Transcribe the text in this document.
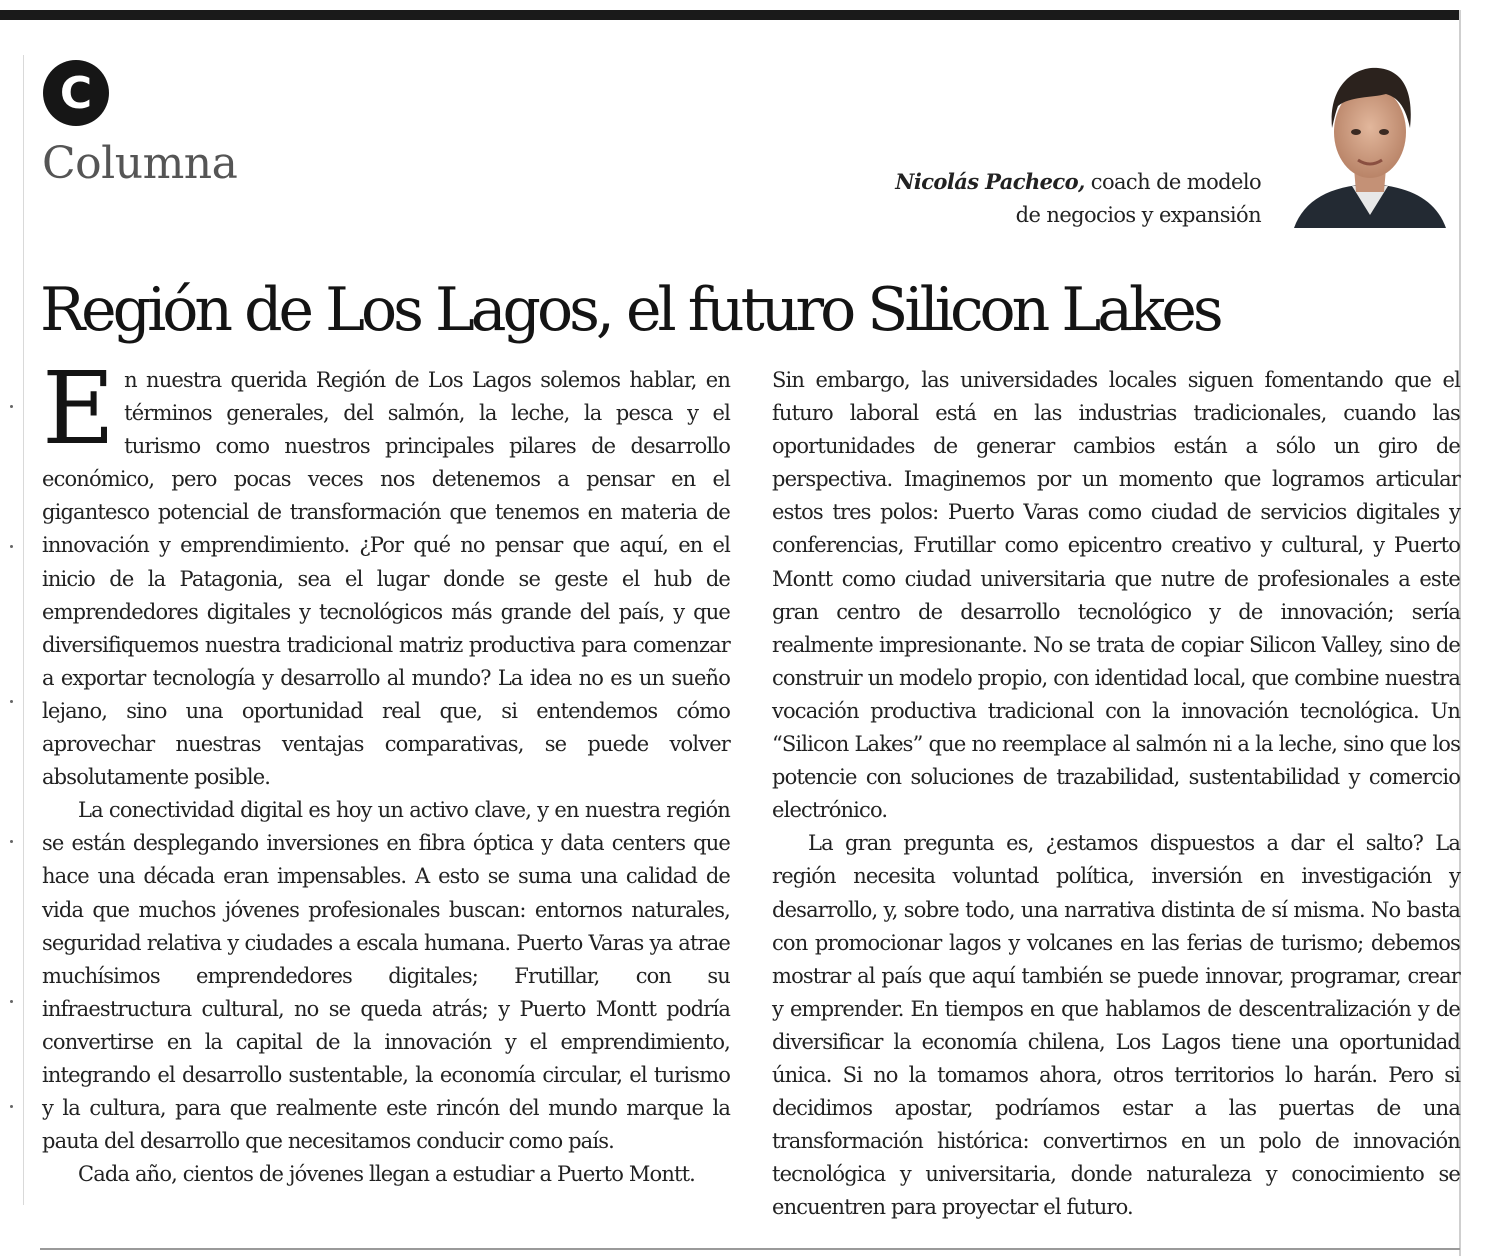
C
Columna	Nicolás Pacheco, coach de modelo
de negocios y expansión
Región de Los Lagos, el futuro Silicon Lakes

En nuestra querida Región de Los Lagos solemos hablar, en términos generales, del salmón, la leche, la pesca y el turismo como nuestros principales pilares de desarrollo económico, pero pocas veces nos detenemos a pensar en el gigantesco potencial de transformación que tenemos en materia de innovación y emprendimiento. ¿Por qué no pensar que aquí, en el inicio de la Patagonia, sea el lugar donde se geste el hub de emprendedores digitales y tecnológicos más grande del país, y que diversifiquemos nuestra tradicional matriz productiva para comenzar a exportar tecnología y desarrollo al mundo? La idea no es un sueño lejano, sino una oportunidad real que, si entendemos cómo aprovechar nuestras ventajas comparativas, se puede volver absolutamente posible.

La conectividad digital es hoy un activo clave, y en nuestra región se están desplegando inversiones en fibra óptica y data centers que hace una década eran impensables. A esto se suma una calidad de vida que muchos jóvenes profesionales buscan: entornos naturales, seguridad relativa y ciudades a escala humana. Puerto Varas ya atrae muchísimos emprendedores digitales; Frutillar, con su infraestructura cultural, no se queda atrás; y Puerto Montt podría convertirse en la capital de la innovación y el emprendimiento, integrando el desarrollo sustentable, la economía circular, el turismo y la cultura, para que realmente este rincón del mundo marque la pauta del desarrollo que necesitamos conducir como país.

Cada año, cientos de jóvenes llegan a estudiar a Puerto Montt.

Sin embargo, las universidades locales siguen fomentando que el futuro laboral está en las industrias tradicionales, cuando las oportunidades de generar cambios están a sólo un giro de perspectiva. Imaginemos por un momento que logramos articular estos tres polos: Puerto Varas como ciudad de servicios digitales y conferencias, Frutillar como epicentro creativo y cultural, y Puerto Montt como ciudad universitaria que nutre de profesionales a este gran centro de desarrollo tecnológico y de innovación; sería realmente impresionante. No se trata de copiar Silicon Valley, sino de construir un modelo propio, con identidad local, que combine nuestra vocación productiva tradicional con la innovación tecnológica. Un “Silicon Lakes” que no reemplace al salmón ni a la leche, sino que los potencie con soluciones de trazabilidad, sustentabilidad y comercio electrónico.

La gran pregunta es, ¿estamos dispuestos a dar el salto? La región necesita voluntad política, inversión en investigación y desarrollo, y, sobre todo, una narrativa distinta de sí misma. No basta con promocionar lagos y volcanes en las ferias de turismo; debemos mostrar al país que aquí también se puede innovar, programar, crear y emprender. En tiempos en que hablamos de descentralización y de diversificar la economía chilena, Los Lagos tiene una oportunidad única. Si no la tomamos ahora, otros territorios lo harán. Pero si decidimos apostar, podríamos estar a las puertas de una transformación histórica: convertirnos en un polo de innovación tecnológica y universitaria, donde naturaleza y conocimiento se encuentren para proyectar el futuro.
